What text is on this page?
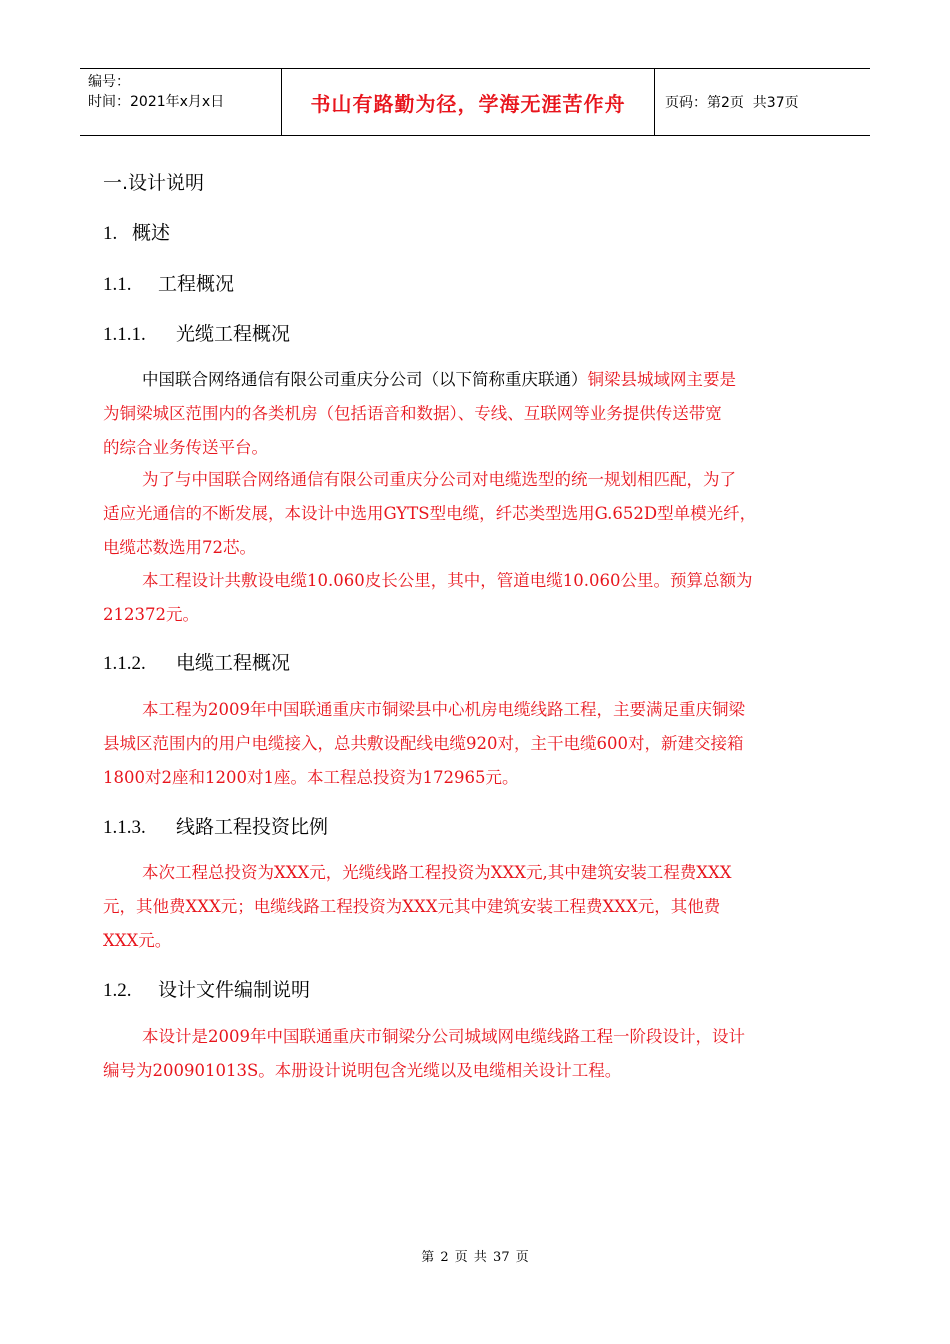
编号：
时间：2021年x月x日	书山有路勤为径，学海无涯苦作舟	页码：第2页  共37页
一.设计说明
1. 概述
1.1. 工程概况
1.1.1. 光缆工程概况
中国联合网络通信有限公司重庆分公司（以下简称重庆联通）铜梁县城域网主要是
为铜梁城区范围内的各类机房（包括语音和数据）、专线、互联网等业务提供传送带宽
的综合业务传送平台。
为了与中国联合网络通信有限公司重庆分公司对电缆选型的统一规划相匹配，为了
适应光通信的不断发展，本设计中选用GYTS型电缆，纤芯类型选用G.652D型单模光纤，
电缆芯数选用72芯。
本工程设计共敷设电缆10.060皮长公里，其中，管道电缆10.060公里。预算总额为
212372元。
1.1.2. 电缆工程概况
本工程为2009年中国联通重庆市铜梁县中心机房电缆线路工程，主要满足重庆铜梁
县城区范围内的用户电缆接入，总共敷设配线电缆920对，主干电缆600对，新建交接箱
1800对2座和1200对1座。本工程总投资为172965元。
1.1.3. 线路工程投资比例
本次工程总投资为XXX元，光缆线路工程投资为XXX元,其中建筑安装工程费XXX
元，其他费XXX元；电缆线路工程投资为XXX元其中建筑安装工程费XXX元，其他费
XXX元。
1.2. 设计文件编制说明
本设计是2009年中国联通重庆市铜梁分公司城域网电缆线路工程一阶段设计，设计
编号为200901013S。本册设计说明包含光缆以及电缆相关设计工程。
第 2 页 共 37 页
